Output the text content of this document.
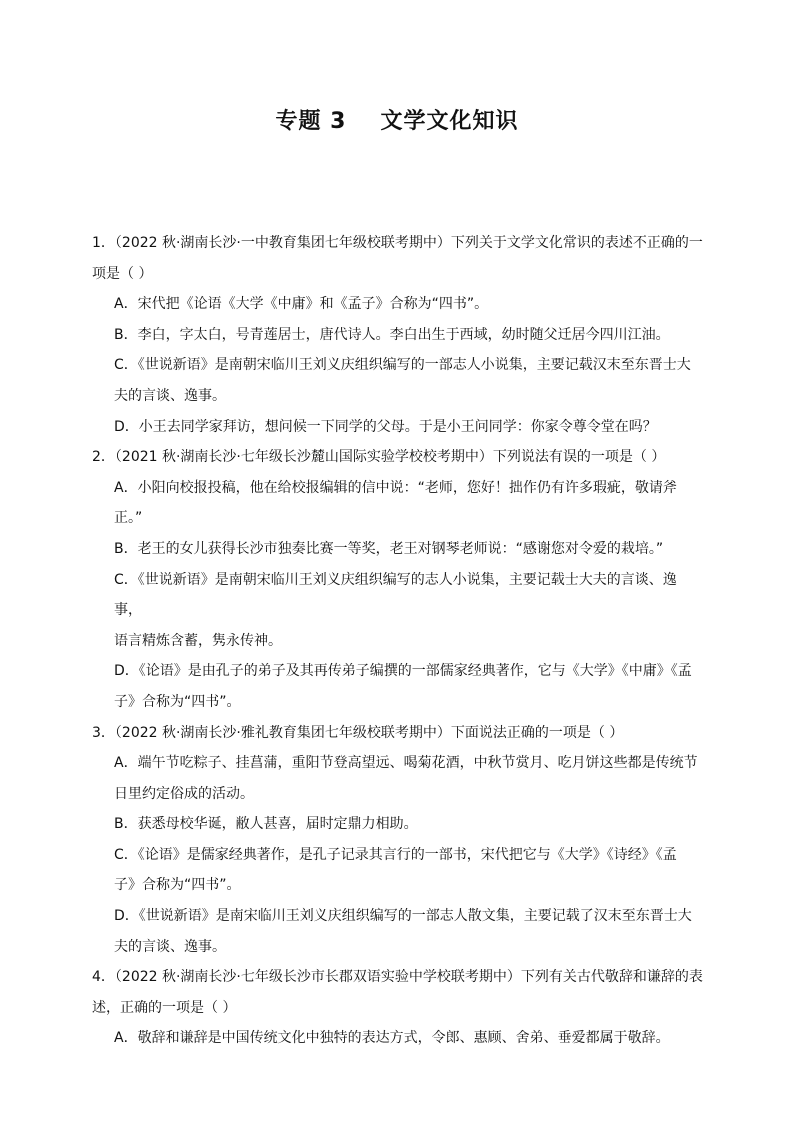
专题 3 文学文化知识
1．（2022 秋·湖南长沙·一中教育集团七年级校联考期中）下列关于文学文化常识的表述不正确的一
项是（ ）
A．宋代把《论语《大学《中庸》和《孟子》合称为“四书”。
B．李白，字太白，号青莲居士，唐代诗人。李白出生于西域，幼时随父迁居今四川江油。
C．《世说新语》是南朝宋临川王刘义庆组织编写的一部志人小说集，主要记载汉末至东晋士大
夫的言谈、逸事。
D．小王去同学家拜访，想问候一下同学的父母。于是小王问同学：你家令尊令堂在吗？
2．（2021 秋·湖南长沙·七年级长沙麓山国际实验学校校考期中）下列说法有误的一项是（ ）
A．小阳向校报投稿，他在给校报编辑的信中说：“老师，您好！拙作仍有许多瑕疵，敬请斧
正。”
B．老王的女儿获得长沙市独奏比赛一等奖，老王对钢琴老师说：“感谢您对令爱的栽培。”
C．《世说新语》是南朝宋临川王刘义庆组织编写的志人小说集，主要记载士大夫的言谈、逸事，
语言精炼含蓄，隽永传神。
D．《论语》是由孔子的弟子及其再传弟子编撰的一部儒家经典著作，它与《大学》《中庸》《孟
子》合称为“四书”。
3．（2022 秋·湖南长沙·雅礼教育集团七年级校联考期中）下面说法正确的一项是（ ）
A．端午节吃粽子、挂菖蒲，重阳节登高望远、喝菊花酒，中秋节赏月、吃月饼这些都是传统节
日里约定俗成的活动。
B．获悉母校华诞，敝人甚喜，届时定鼎力相助。
C．《论语》是儒家经典著作，是孔子记录其言行的一部书，宋代把它与《大学》《诗经》《孟
子》合称为“四书”。
D．《世说新语》是南宋临川王刘义庆组织编写的一部志人散文集，主要记载了汉末至东晋士大
夫的言谈、逸事。
4．（2022 秋·湖南长沙·七年级长沙市长郡双语实验中学校联考期中）下列有关古代敬辞和谦辞的表
述，正确的一项是（ ）
A．敬辞和谦辞是中国传统文化中独特的表达方式，令郎、惠顾、舍弟、垂爱都属于敬辞。
